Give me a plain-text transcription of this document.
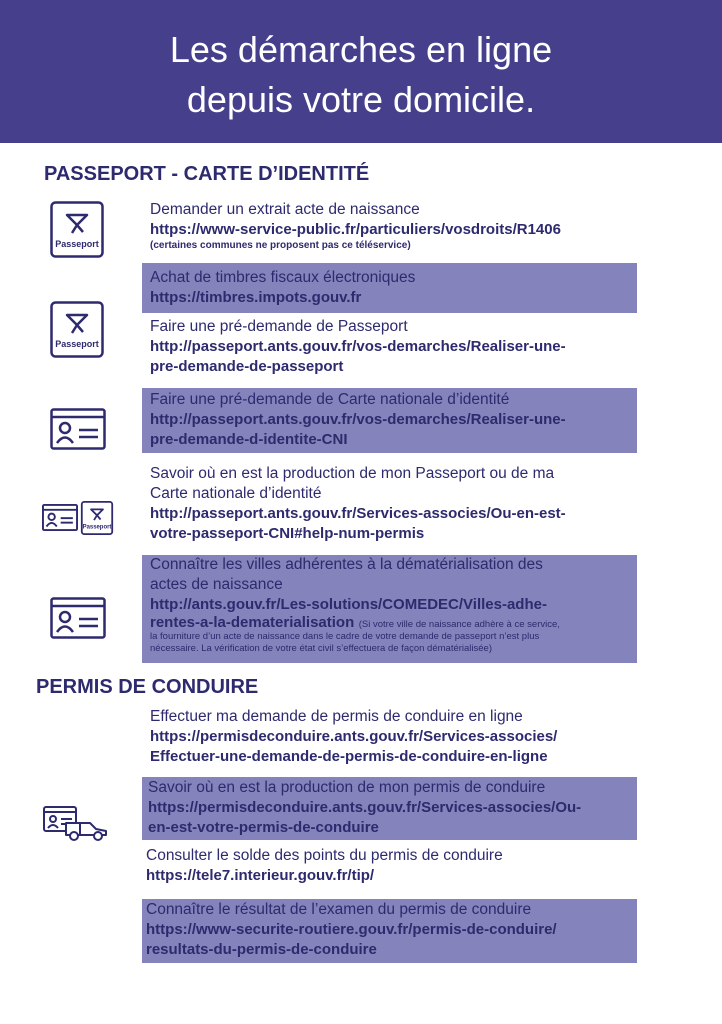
Les démarches en ligne
depuis votre domicile.
PASSEPORT - CARTE D’IDENTITÉ
Passeport
Passeport
Passeport
Demander un extrait acte de naissance
https://www-service-public.fr/particuliers/vosdroits/R1406
(certaines communes ne proposent pas ce téléservice)
Achat de timbres fiscaux électroniques
https://timbres.impots.gouv.fr
Faire une pré-demande de Passeport
http://passeport.ants.gouv.fr/vos-demarches/Realiser-une-
pre-demande-de-passeport
Faire une pré-demande de Carte nationale d’identité
http://passeport.ants.gouv.fr/vos-demarches/Realiser-une-
pre-demande-d-identite-CNI
Savoir où en est la production de mon Passeport ou de ma
Carte nationale d’identité
http://passeport.ants.gouv.fr/Services-associes/Ou-en-est-
votre-passeport-CNI#help-num-permis
Connaître les villes adhérentes à la dématérialisation des
actes de naissance
http://ants.gouv.fr/Les-solutions/COMEDEC/Villes-adhe-
rentes-a-la-dematerialisation (Si votre ville de naissance adhère à ce service,
la fourniture d’un acte de naissance dans le cadre de votre demande de passeport n’est plus
nécessaire. La vérification de votre état civil s’effectuera de façon dématérialisée)
PERMIS DE CONDUIRE
Effectuer ma demande de permis de conduire en ligne
https://permisdeconduire.ants.gouv.fr/Services-associes/
Effectuer-une-demande-de-permis-de-conduire-en-ligne
Savoir où en est la production de mon permis de conduire
https://permisdeconduire.ants.gouv.fr/Services-associes/Ou-
en-est-votre-permis-de-conduire
Consulter le solde des points du permis de conduire
https://tele7.interieur.gouv.fr/tip/
Connaître le résultat de l’examen du permis de conduire
https://www-securite-routiere.gouv.fr/permis-de-conduire/
resultats-du-permis-de-conduire
